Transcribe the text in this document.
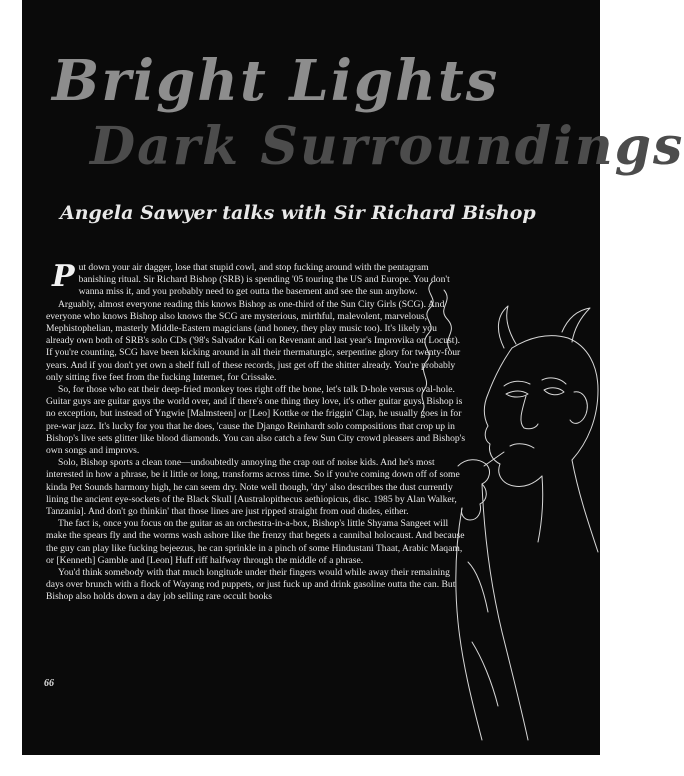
Bright Lights
Dark Surroundings
Angela Sawyer talks with Sir Richard Bishop

Put down your air dagger, lose that stupid cowl, and stop fucking around with the pentagram banishing ritual. Sir Richard Bishop (SRB) is spending '05 touring the US and Europe. You don't wanna miss it, and you probably need to get outta the basement and see the sun anyhow.

Arguably, almost everyone reading this knows Bishop as one-third of the Sun City Girls (SCG). And everyone who knows Bishop also knows the SCG are mysterious, mirthful, malevolent, marvelous, Mephistophelian, masterly Middle-Eastern magicians (and honey, they play music too). It's likely you already own both of SRB's solo CDs ('98's Salvador Kali on Revenant and last year's Improvika on Locust). If you're counting, SCG have been kicking around in all their thermaturgic, serpentine glory for twenty-four years. And if you don't yet own a shelf full of these records, just get off the shitter already. You're probably only sitting five feet from the fucking Internet, for Crissake.

So, for those who eat their deep-fried monkey toes right off the bone, let's talk D-hole versus oval-hole. Guitar guys are guitar guys the world over, and if there's one thing they love, it's other guitar guys. Bishop is no exception, but instead of Yngwie [Malmsteen] or [Leo] Kottke or the friggin' Clap, he usually goes in for pre-war jazz. It's lucky for you that he does, 'cause the Django Reinhardt solo compositions that crop up in Bishop's live sets glitter like blood diamonds. You can also catch a few Sun City crowd pleasers and Bishop's own songs and improvs.

Solo, Bishop sports a clean tone—undoubtedly annoying the crap out of noise kids. And he's most interested in how a phrase, be it little or long, transforms across time. So if you're coming down off of some kinda Pet Sounds harmony high, he can seem dry. Note well though, 'dry' also describes the dust currently lining the ancient eye-sockets of the Black Skull [Australopithecus aethiopicus, disc. 1985 by Alan Walker, Tanzania]. And don't go thinkin' that those lines are just ripped straight from oud dudes, either.

The fact is, once you focus on the guitar as an orchestra-in-a-box, Bishop's little Shyama Sangeet will make the spears fly and the worms wash ashore like the frenzy that begets a cannibal holocaust. And because the guy can play like fucking bejeezus, he can sprinkle in a pinch of some Hindustani Thaat, Arabic Maqam, or [Kenneth] Gamble and [Leon] Huff riff halfway through the middle of a phrase.

You'd think somebody with that much longitude under their fingers would while away their remaining days over brunch with a flock of Wayang rod puppets, or just fuck up and drink gasoline outta the can. But Bishop also holds down a day job selling rare occult books

66
